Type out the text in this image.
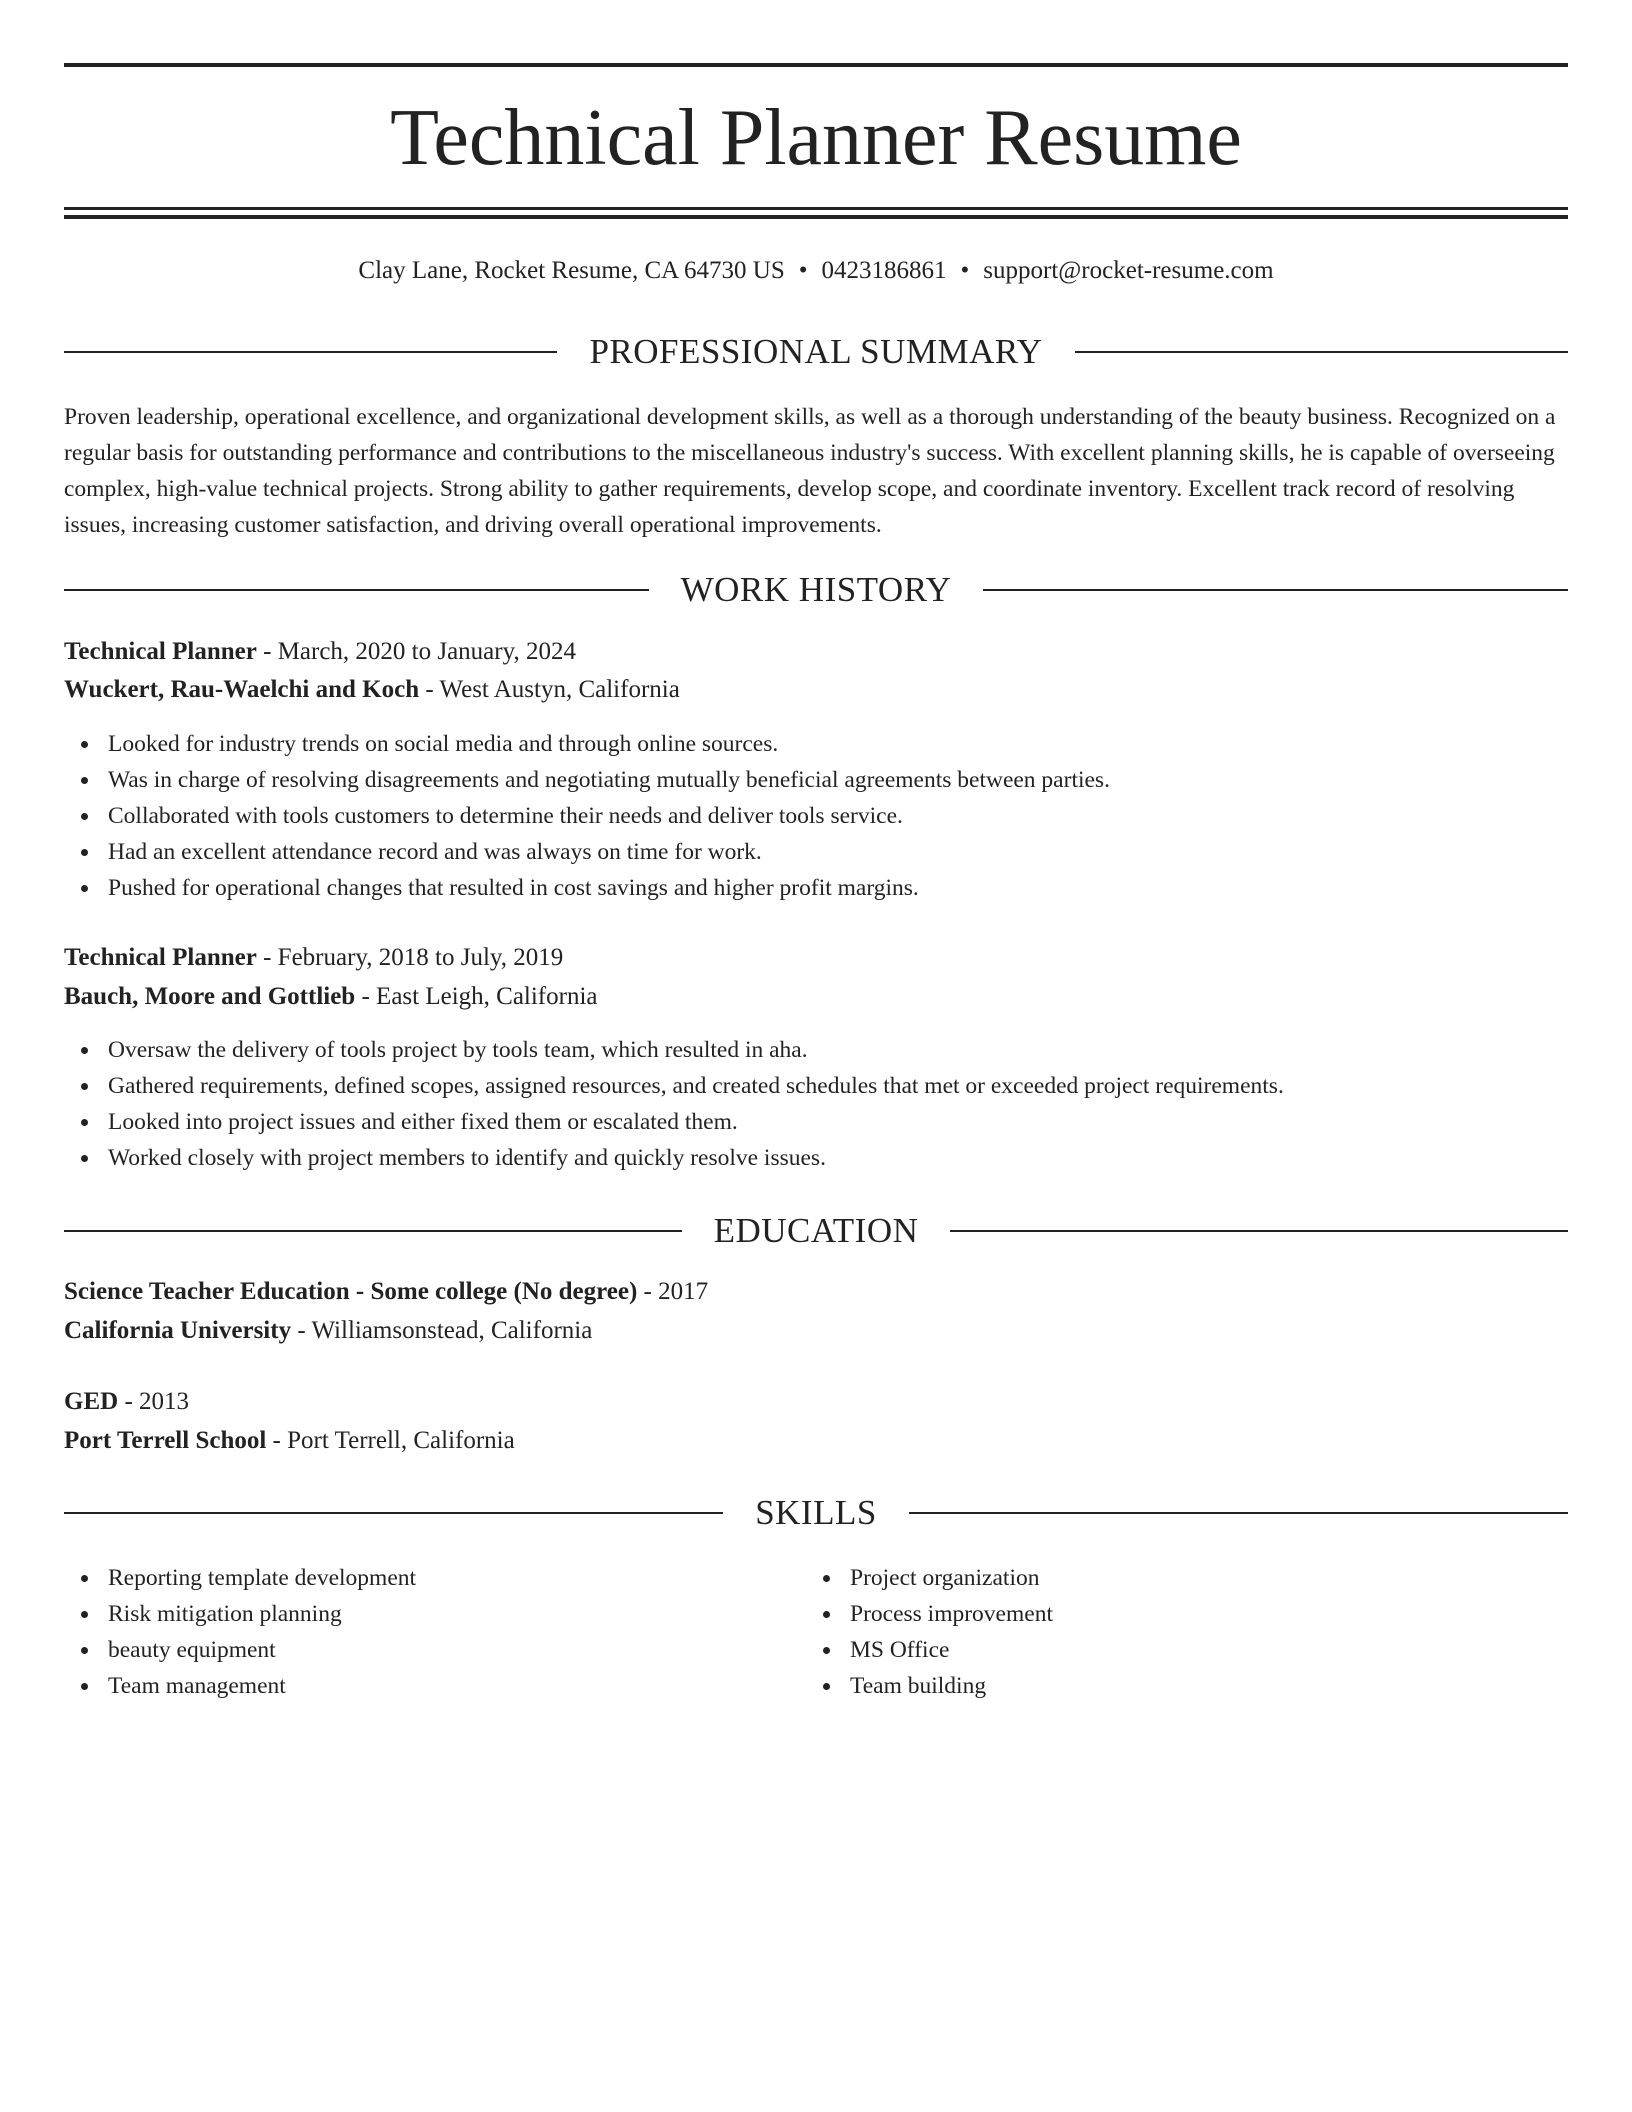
Technical Planner Resume
Clay Lane, Rocket Resume, CA 64730 US • 0423186861 • support@rocket-resume.com
PROFESSIONAL SUMMARY

Proven leadership, operational excellence, and organizational development skills, as well as a thorough understanding of the beauty business. Recognized on a regular basis for outstanding performance and contributions to the miscellaneous industry's success. With excellent planning skills, he is capable of overseeing complex, high-value technical projects. Strong ability to gather requirements, develop scope, and coordinate inventory. Excellent track record of resolving issues, increasing customer satisfaction, and driving overall operational improvements.

WORK HISTORY
Technical Planner - March, 2020 to January, 2024
Wuckert, Rau-Waelchi and Koch - West Austyn, California
Looked for industry trends on social media and through online sources.
Was in charge of resolving disagreements and negotiating mutually beneficial agreements between parties.
Collaborated with tools customers to determine their needs and deliver tools service.
Had an excellent attendance record and was always on time for work.
Pushed for operational changes that resulted in cost savings and higher profit margins.
Technical Planner - February, 2018 to July, 2019
Bauch, Moore and Gottlieb - East Leigh, California
Oversaw the delivery of tools project by tools team, which resulted in aha.
Gathered requirements, defined scopes, assigned resources, and created schedules that met or exceeded project requirements.
Looked into project issues and either fixed them or escalated them.
Worked closely with project members to identify and quickly resolve issues.
EDUCATION
Science Teacher Education - Some college (No degree) - 2017
California University - Williamsonstead, California
GED - 2013
Port Terrell School - Port Terrell, California
SKILLS
Reporting template development
Risk mitigation planning
beauty equipment
Team management
Project organization
Process improvement
MS Office
Team building
